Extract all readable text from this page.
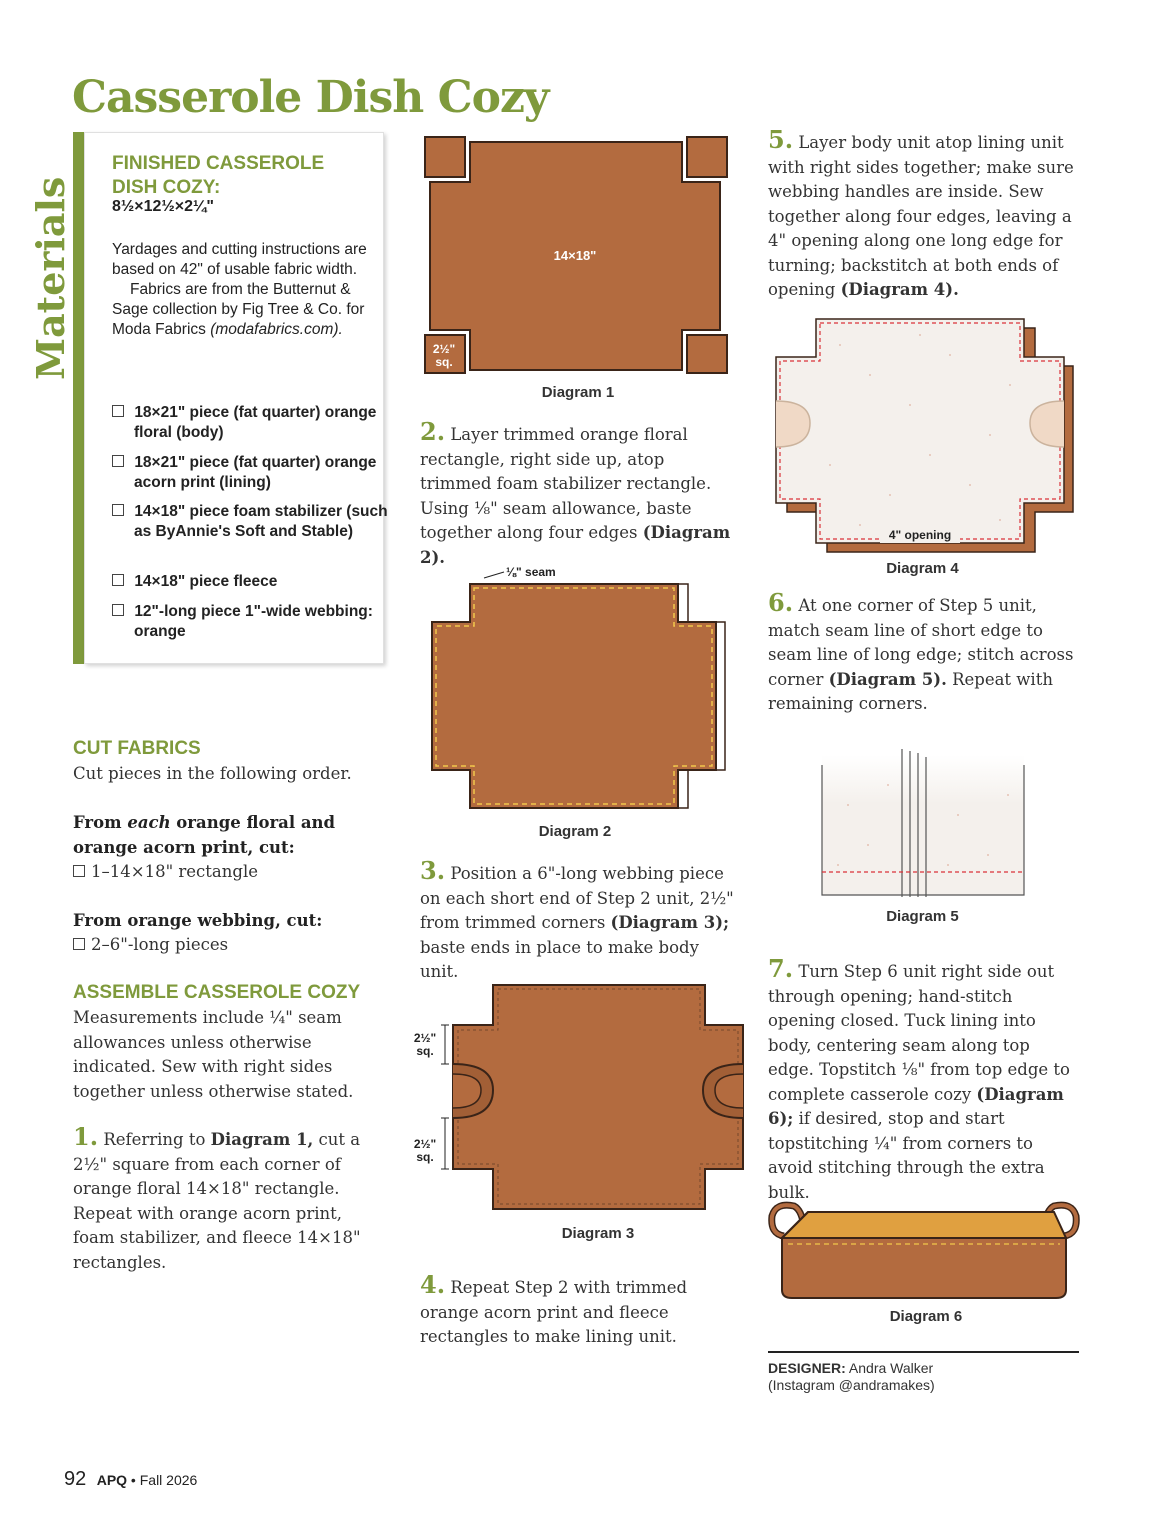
Casserole Dish Cozy
Materials
FINISHED CASSEROLE DISH COZY:
8½×12½×2¼"
Yardages and cutting instructions are based on 42" of usable fabric width.
Fabrics are from the Butternut & Sage collection by Fig Tree & Co. for Moda Fabrics (modafabrics.com).
18×21" piece (fat quarter) orange floral (body)
18×21" piece (fat quarter) orange acorn print (lining)
14×18" piece foam stabilizer (such as ByAnnie's Soft and Stable)
14×18" piece fleece
12"-long piece 1"-wide webbing: orange
CUT FABRICS
Cut pieces in the following order.
From each orange floral and orange acorn print, cut:
1–14×18" rectangle
From orange webbing, cut:
2–6"-long pieces
ASSEMBLE CASSEROLE COZY
Measurements include ¼" seam allowances unless otherwise indicated. Sew with right sides together unless otherwise stated.
1. Referring to Diagram 1, cut a 2½" square from each corner of orange floral 14×18" rectangle. Repeat with orange acorn print, foam stabilizer, and fleece 14×18" rectangles.
14×18"
2½"
sq.
Diagram 1
2. Layer trimmed orange floral rectangle, right side up, atop trimmed foam stabilizer rectangle. Using ⅛" seam allowance, baste together along four edges (Diagram 2).
⅛" seam
Diagram 2
3. Position a 6"-long webbing piece on each short end of Step 2 unit, 2½" from trimmed corners (Diagram 3); baste ends in place to make body unit.
2½"
sq.
2½"
sq.
Diagram 3
4. Repeat Step 2 with trimmed orange acorn print and fleece rectangles to make lining unit.
5. Layer body unit atop lining unit with right sides together; make sure webbing handles are inside. Sew together along four edges, leaving a 4" opening along one long edge for turning; backstitch at both ends of opening (Diagram 4).
4" opening
Diagram 4
6. At one corner of Step 5 unit, match seam line of short edge to seam line of long edge; stitch across corner (Diagram 5). Repeat with remaining corners.
Diagram 5
7. Turn Step 6 unit right side out through opening; hand-stitch opening closed. Tuck lining into body, centering seam along top edge. Topstitch ⅛" from top edge to complete casserole cozy (Diagram 6); if desired, stop and start topstitching ¼" from corners to avoid stitching through the extra bulk.
Diagram 6
DESIGNER: Andra Walker
(Instagram @andramakes)
92 APQ • Fall 2026
